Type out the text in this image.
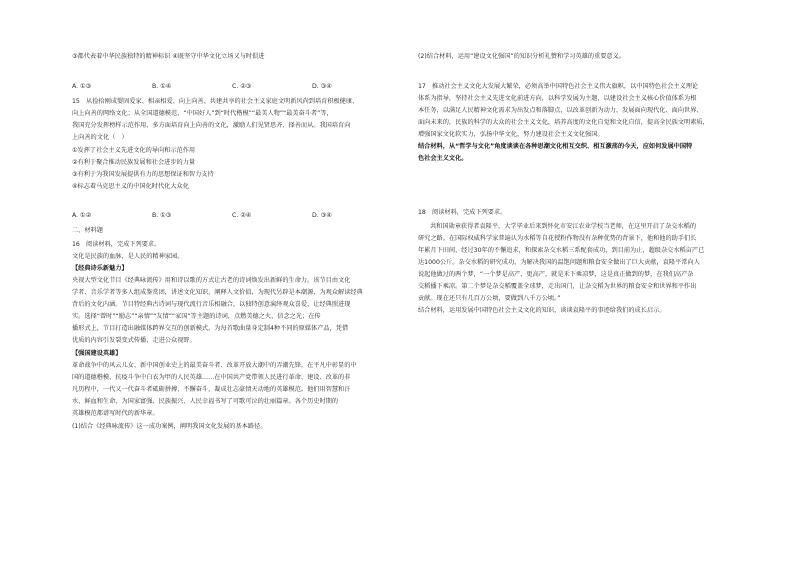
③都代表着中华民族独特的精神标识 ④既坚守中华文化立场又与时俱进
A. ①③	B. ①④	C. ②③	D. ③④
15　从捡拾刚成婴固爱家、相亲相爱、向上向善、共建共享的社会主义家庭文明新风尚到培育积极健康、
向上向善的网络文化；从全国道德模范、“中国好人”到“时代楷模”“最美人物”“最美奋斗者”等，
我国充分发挥榜样示范作用，多方面培育向上向善的文化，激励人们见贤思齐、择善而从。我国培育向
上向善的文化（　）
①发挥了社会主义先进文化的导向和示范作用
②有利于聚合推动民族发展和社会进步的力量
③有利于为我国发展提供有力的思想保证和智力支持
④标志着马克思主义的中国化时代化大众化
A. ①②	B. ①③	C. ②④	D. ③④
二、材料题
16　阅读材料，完成下列要求。
文化是民族的血脉，是人民的精神家园。
【经典诗乐新魅力】
央视大型文化节目《经典咏流传》用和诗以歌的方式让古老的诗词焕发出新鲜的生命力。该节目由文化
学者、音乐学者等多人组成鉴赏团，讲述文化知识、阐释人文价值，为现代另辟是本潮源，为观众解读经典
背后的文化内涵。节目特经典古诗词与现代流行音乐相融合，以独特创意演绎观众喜爱，让经典照进现
实。选择“曾时”“励志”“亲情”“友情”“家国”等主题的诗词，点燃美德之火、信念之光；在传
播形式上，节目打造出融媒体跨界交互的创新模式，为每首歌曲量身定制4种不同的原媒体产品，凭借
优质的内容引发裂变式传播，走进公众视野。
【强国建设英雄】
革命战争中的风云儿女、新中国创业史上的最美奋斗者、改革开放大潮中的弄潮先锋，在平凡中彰显的中
国的道德楷模、抗疫斗争中白衣为甲的人民英雄……在中国共产党带领人民进行革命、建设、改革的非
凡历程中，一代又一代奋斗者砥砺拼搏、不懈奋斗，凝成壮志豪情天动地的英雄模范。他们用智慧和汗
水、鲜血和生命，为国家富强、民族振兴、人民幸福书写了可歌可泣的壮丽篇章。各个历史时期的
英雄模范都谱写时代的新华章。
(1)结合《经典咏流传》这一成功案例，阐明我国文化发展的基本路径。
(2)结合材料，运用“建设文化强国”的知识分析礼赞和学习英雄的重要意义。
17　推动社会主义文化大发展大繁荣，必须高举中国特色社会主义伟大旗帜，以中国特色社会主义理论
体系为指导，坚持社会主义先进文化前进方向，以科学发展为主题，以建设社会主义核心价值体系为根
本任务，以满足人民精神文化需求为出发点和落脚点，以改革创新为动力，发展面向现代化、面向世界、
面向未来的，民族的科学的大众的社会主义文化，培养高度的文化自觉和文化自信，提高全民族文明素质，
增强国家文化软实力，弘扬中华文化，努力建设社会主义文化强国。
结合材料，从“哲学与文化”角度谈谈在各种思潮文化相互交织、相互激荡的今天，应如何发展中国特
色社会主义文化。
18　阅读材料，完成下列要求。
共和国勋章获得者袁隆平，大学毕业后来到怀化市安江农业学校当老师，在这里开启了杂交水稻的
研究之路。在国际权威科学家普遍认为水稻等自花授粉作物没有杂种优势的背景下，他和他的助手们长
年累月下田间，经过30年的不懈追求，和探索杂交水稻三系配套成功，到目前为止，超级杂交水稻亩产已
达1000公斤。杂交水稻的研究成功，为解决我国的温饱问题和粮食安全做出了巨大贡献，袁隆平常向人
说起他做过的两个梦，“一个梦是高产、更高产，就是禾下乘凉梦，这是真正做到的梦，在我们高产杂
交稻播下乘凉。第二个梦是杂交稻覆盖全球梦，走出国门，让杂交稻为世界的粮食安全和世界和平作出
贡献。现在还只有几百万公顷，要做到八千万公顷。”
结合材料，运用发展中国特色社会主义文化的知识，谈谈袁隆平的事迹给我们的成长启示。
